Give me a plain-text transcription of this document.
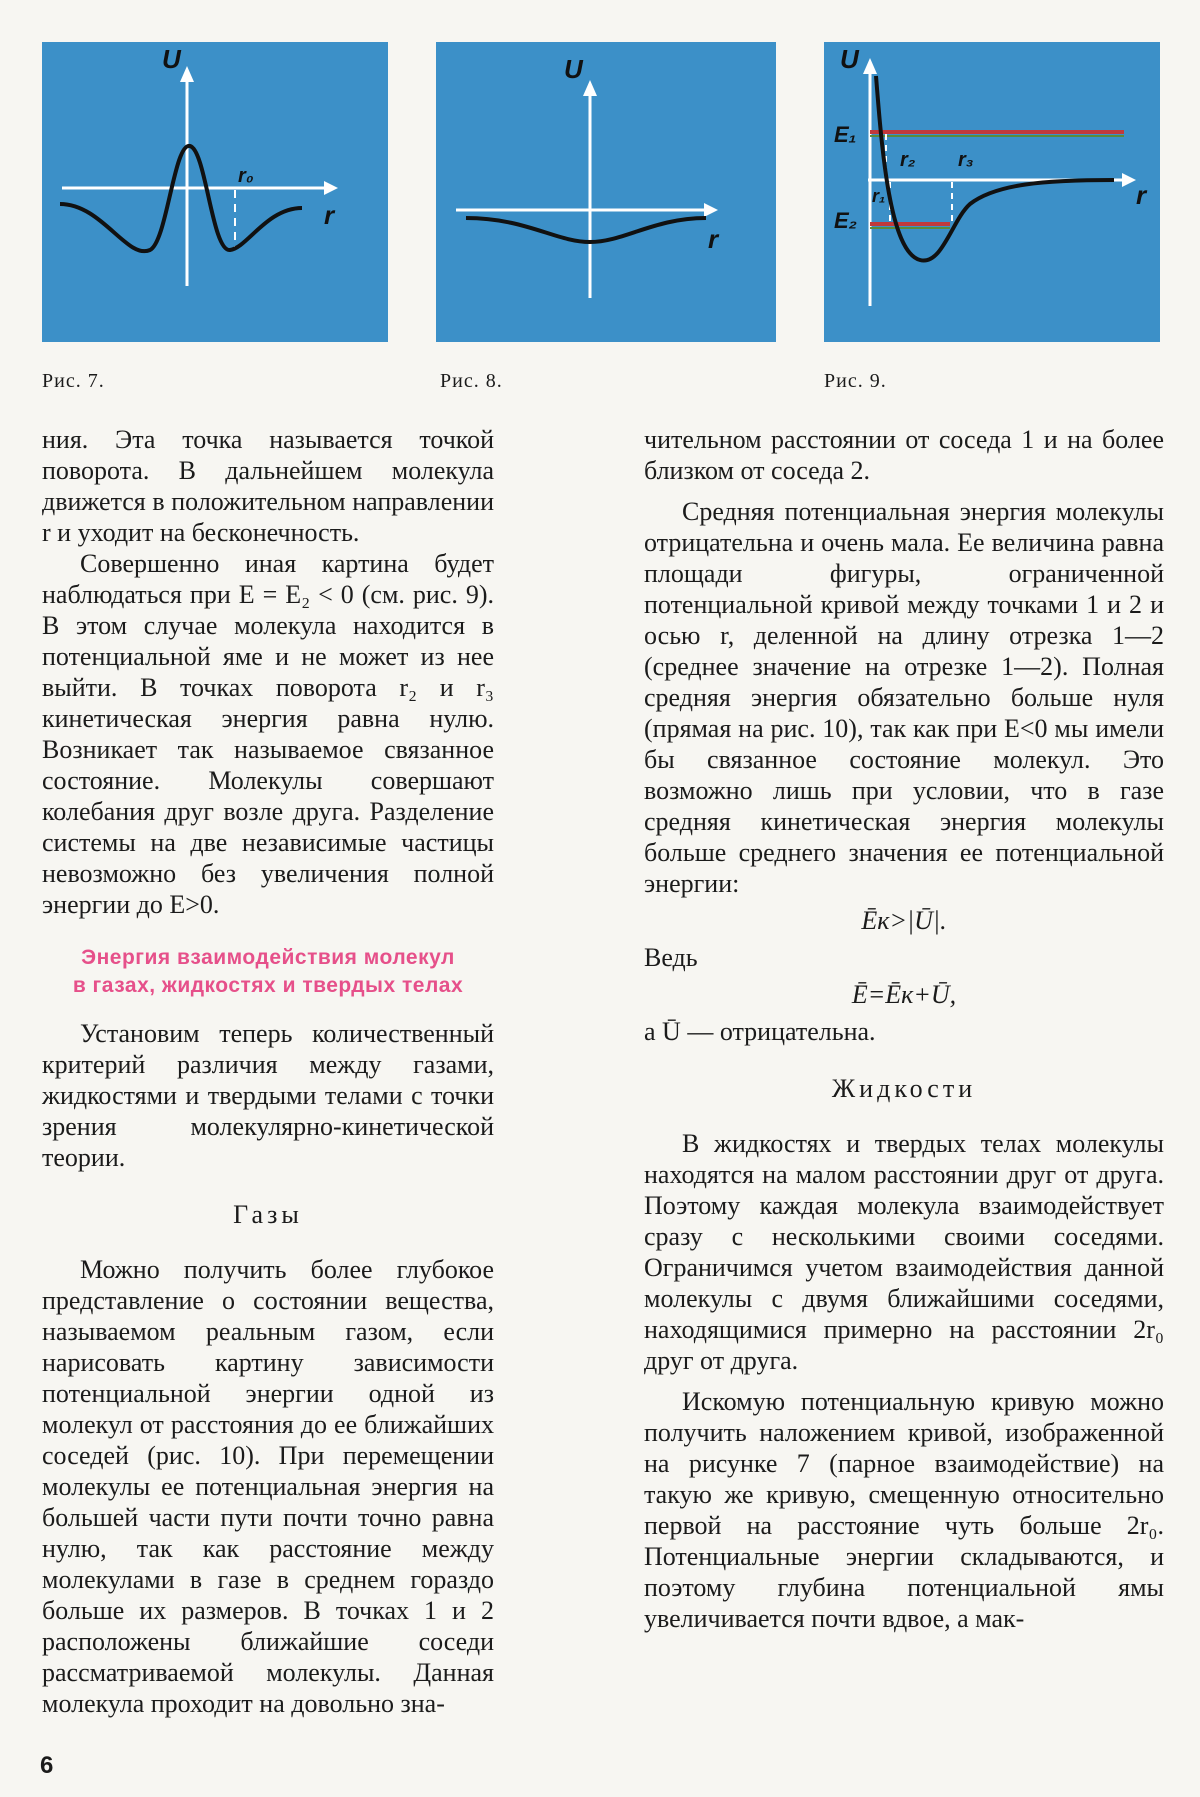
U
r
r₀
Рис. 7.
U
r
Рис. 8.
U
r
E₁
E₂
r₁
r₂ r₃
Рис. 9.

ния. Эта точка называется точкой поворота. В дальнейшем молекула движется в положительном направлении r и уходит на бесконечность.

Совершенно иная картина будет наблюдаться при E = E₂ < 0 (см. рис. 9). В этом случае молекула находится в потенциальной яме и не может из нее выйти. В точках поворота r₂ и r₃ кинетическая энергия равна нулю. Возникает так называемое связанное состояние. Молекулы совершают колебания друг возле друга. Разделение системы на две независимые частицы невозможно без увеличения полной энергии до E>0.

Энергия взаимодействия молекул
в газах, жидкостях и твердых телах

Установим теперь количественный критерий различия между газами, жидкостями и твердыми телами с точки зрения молекулярно-кинетической теории.

Газы

Можно получить более глубокое представление о состоянии вещества, называемом реальным газом, если нарисовать картину зависимости потенциальной энергии одной из молекул от расстояния до ее ближайших соседей (рис. 10). При перемещении молекулы ее потенциальная энергия на большей части пути почти точно равна нулю, так как расстояние между молекулами в газе в среднем гораздо больше их размеров. В точках 1 и 2 расположены ближайшие соседи рассматриваемой молекулы. Данная молекула проходит на довольно зна-

чительном расстоянии от соседа 1 и на более близком от соседа 2.

Средняя потенциальная энергия молекулы отрицательна и очень мала. Ее величина равна площади фигуры, ограниченной потенциальной кривой между точками 1 и 2 и осью r, деленной на длину отрезка 1—2 (среднее значение на отрезке 1—2). Полная средняя энергия обязательно больше нуля (прямая на рис. 10), так как при E<0 мы имели бы связанное состояние молекул. Это возможно лишь при условии, что в газе средняя кинетическая энергия молекулы больше среднего значения ее потенциальной энергии:

Ēк>|Ū|.

Ведь

Ē=Ēк+Ū,

а Ū — отрицательна.

Жидкости

В жидкостях и твердых телах молекулы находятся на малом расстоянии друг от друга. Поэтому каждая молекула взаимодействует сразу с несколькими своими соседями. Ограничимся учетом взаимодействия данной молекулы с двумя ближайшими соседями, находящимися примерно на расстоянии 2r₀ друг от друга.

Искомую потенциальную кривую можно получить наложением кривой, изображенной на рисунке 7 (парное взаимодействие) на такую же кривую, смещенную относительно первой на расстояние чуть больше 2r₀. Потенциальные энергии складываются, и поэтому глубина потенциальной ямы увеличивается почти вдвое, а мак-

6
